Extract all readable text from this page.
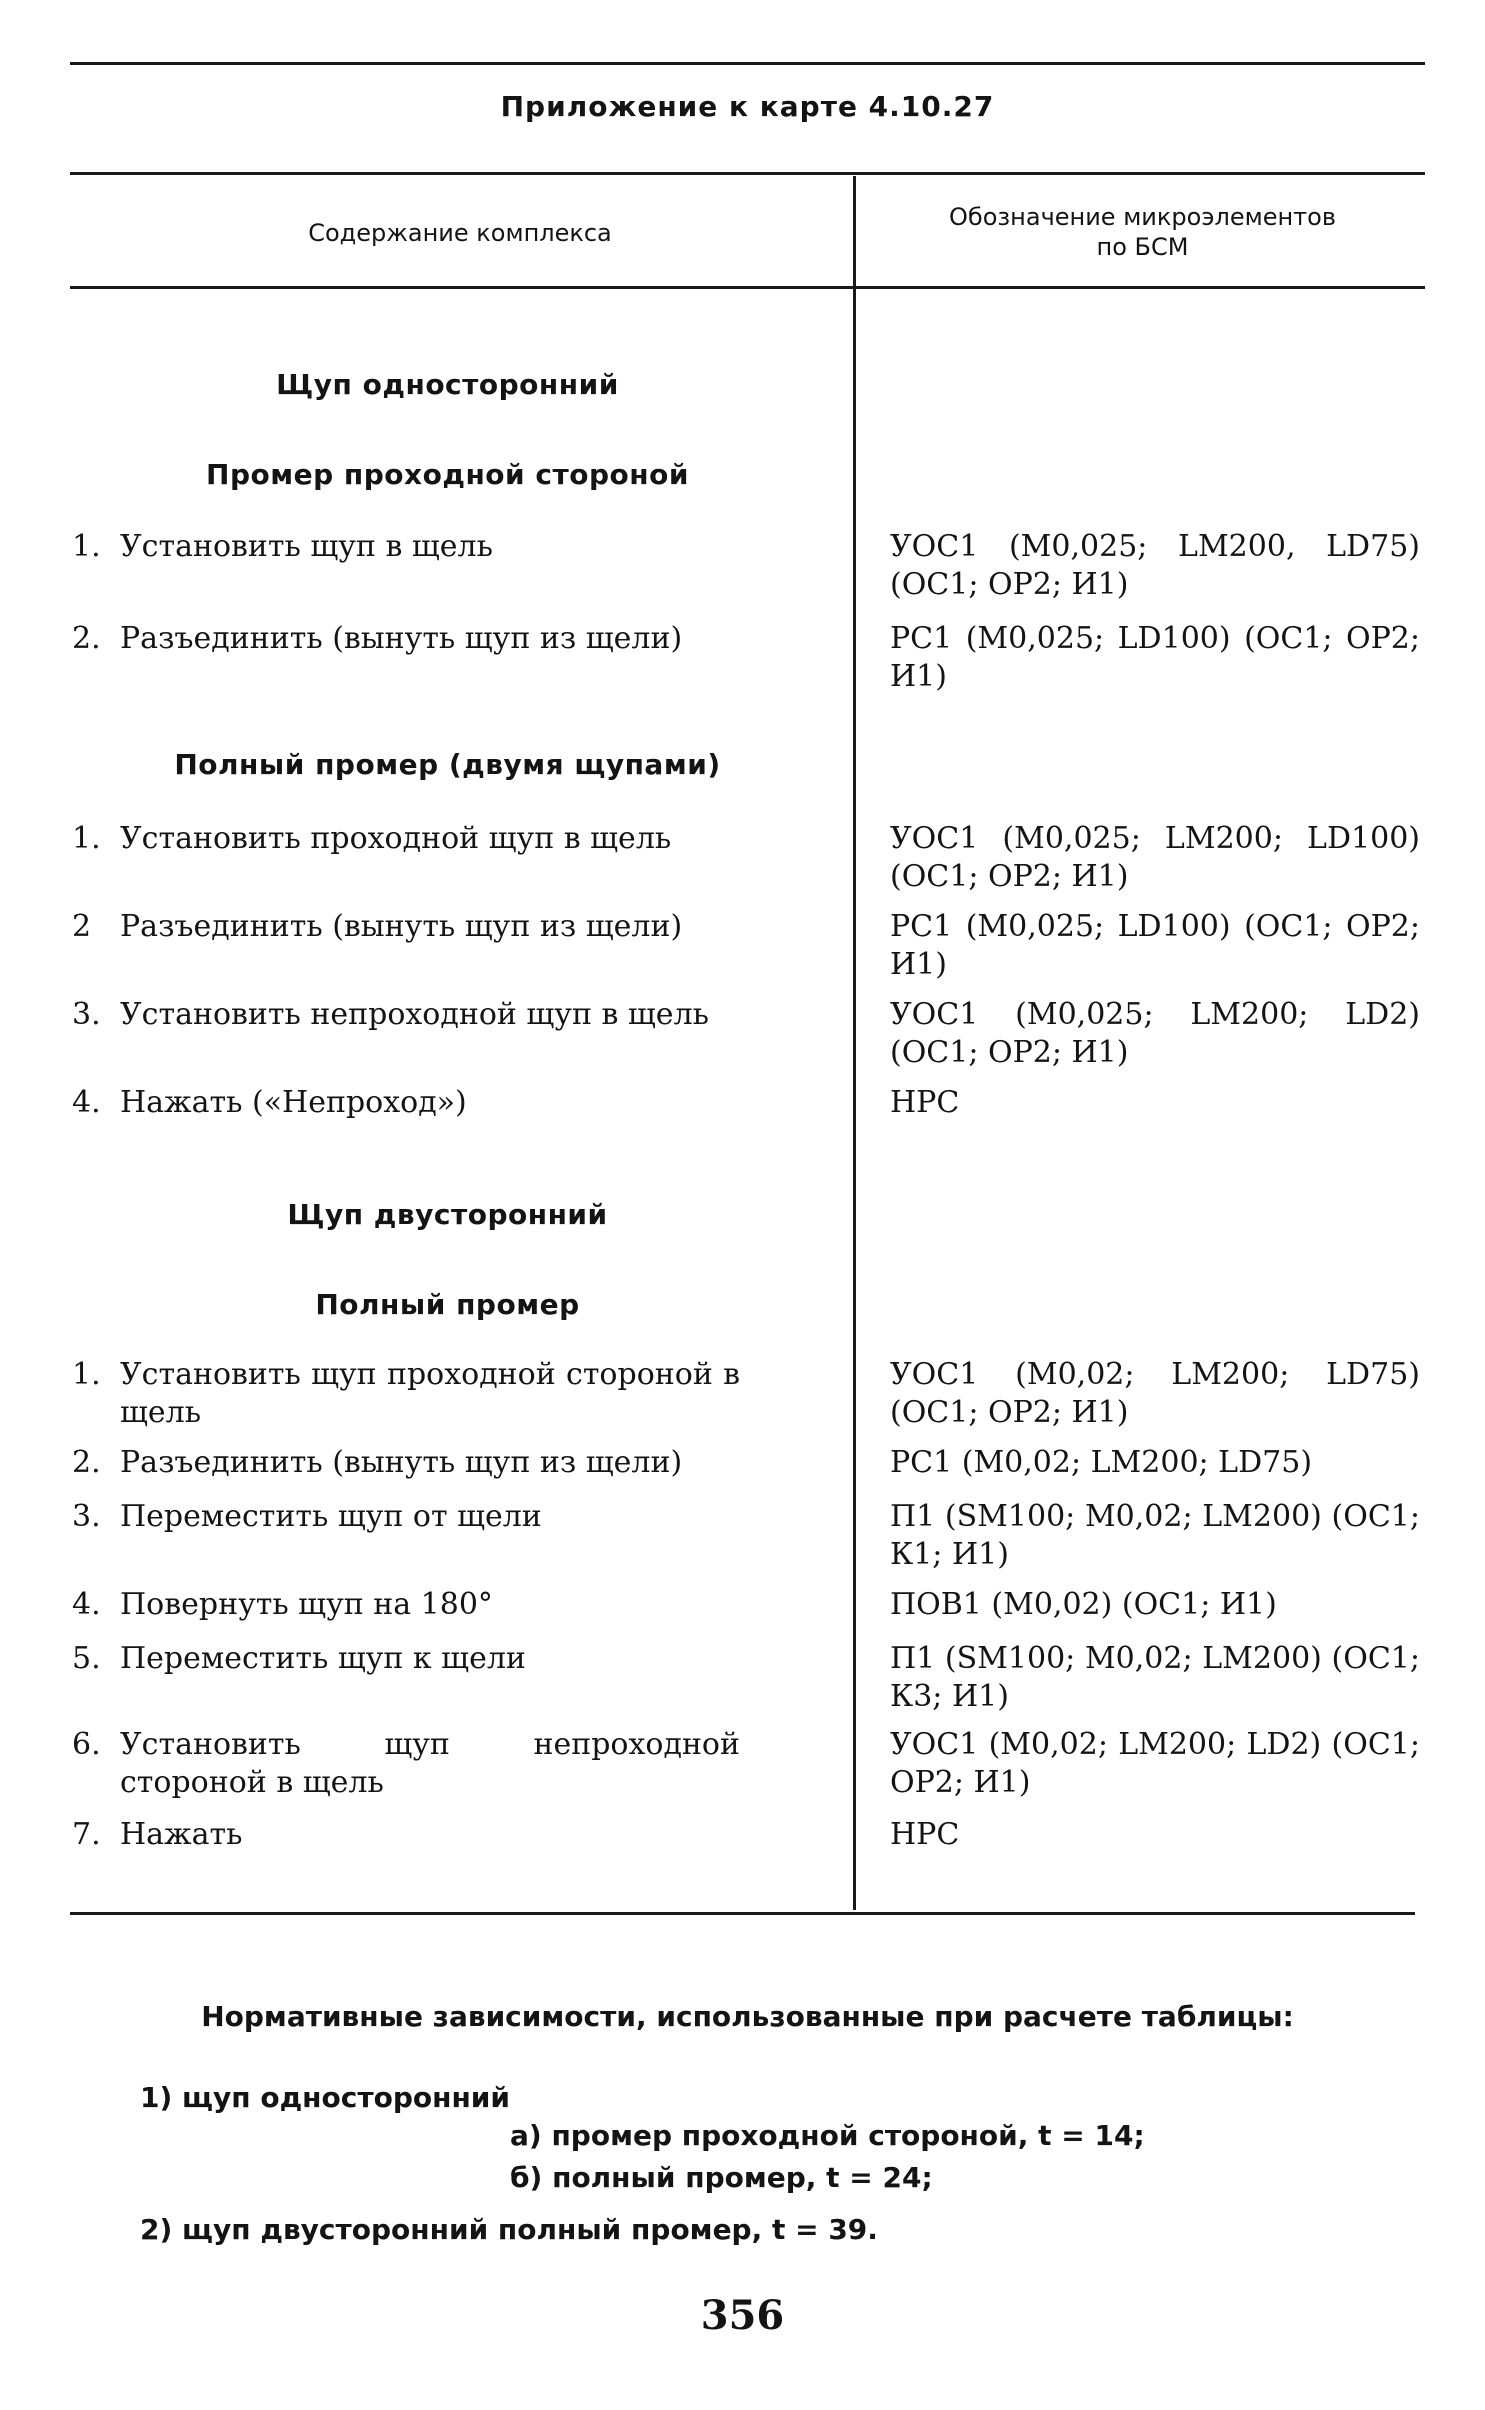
Приложение к карте 4.10.27
Содержание комплекса
Обозначение микроэлементов
по БСМ
Щуп односторонний
Промер проходной стороной
Полный промер (двумя щупами)
Щуп двусторонний
Полный промер
1. Установить щуп в щель
2. Разъединить (вынуть щуп из щели)
1. Установить проходной щуп в щель
2 Разъединить (вынуть щуп из щели)
3. Установить непроходной щуп в щель
4. Нажать («Непроход»)
1. Установить щуп проходной стороной в щель
2. Разъединить (вынуть щуп из щели)
3. Переместить щуп от щели
4. Повернуть щуп на 180°
5. Переместить щуп к щели
6. Установить щуп непроходной стороной в щель
7. Нажать
УОС1 (М0,025; LM200, LD75) (ОС1; ОР2; И1)
РС1 (М0,025; LD100) (ОС1; ОР2; И1)
УОС1 (М0,025; LM200; LD100) (ОС1; ОР2; И1)
РС1 (М0,025; LD100) (ОС1; ОР2; И1)
УОС1 (М0,025; LM200; LD2) (ОС1; ОР2; И1)
НРС
УОС1 (М0,02; LM200; LD75) (ОС1; ОР2; И1)
РС1 (М0,02; LM200; LD75)
П1 (SM100; М0,02; LM200) (ОС1; К1; И1)
ПОВ1 (М0,02) (ОС1; И1)
П1 (SM100; М0,02; LM200) (ОС1; К3; И1)
УОС1 (М0,02; LM200; LD2) (ОС1; ОР2; И1)
НРС
Нормативные зависимости, использованные при расчете таблицы:
1) щуп односторонний
а) промер проходной стороной, t = 14;
б) полный промер, t = 24;
2) щуп двусторонний полный промер, t = 39.
356
